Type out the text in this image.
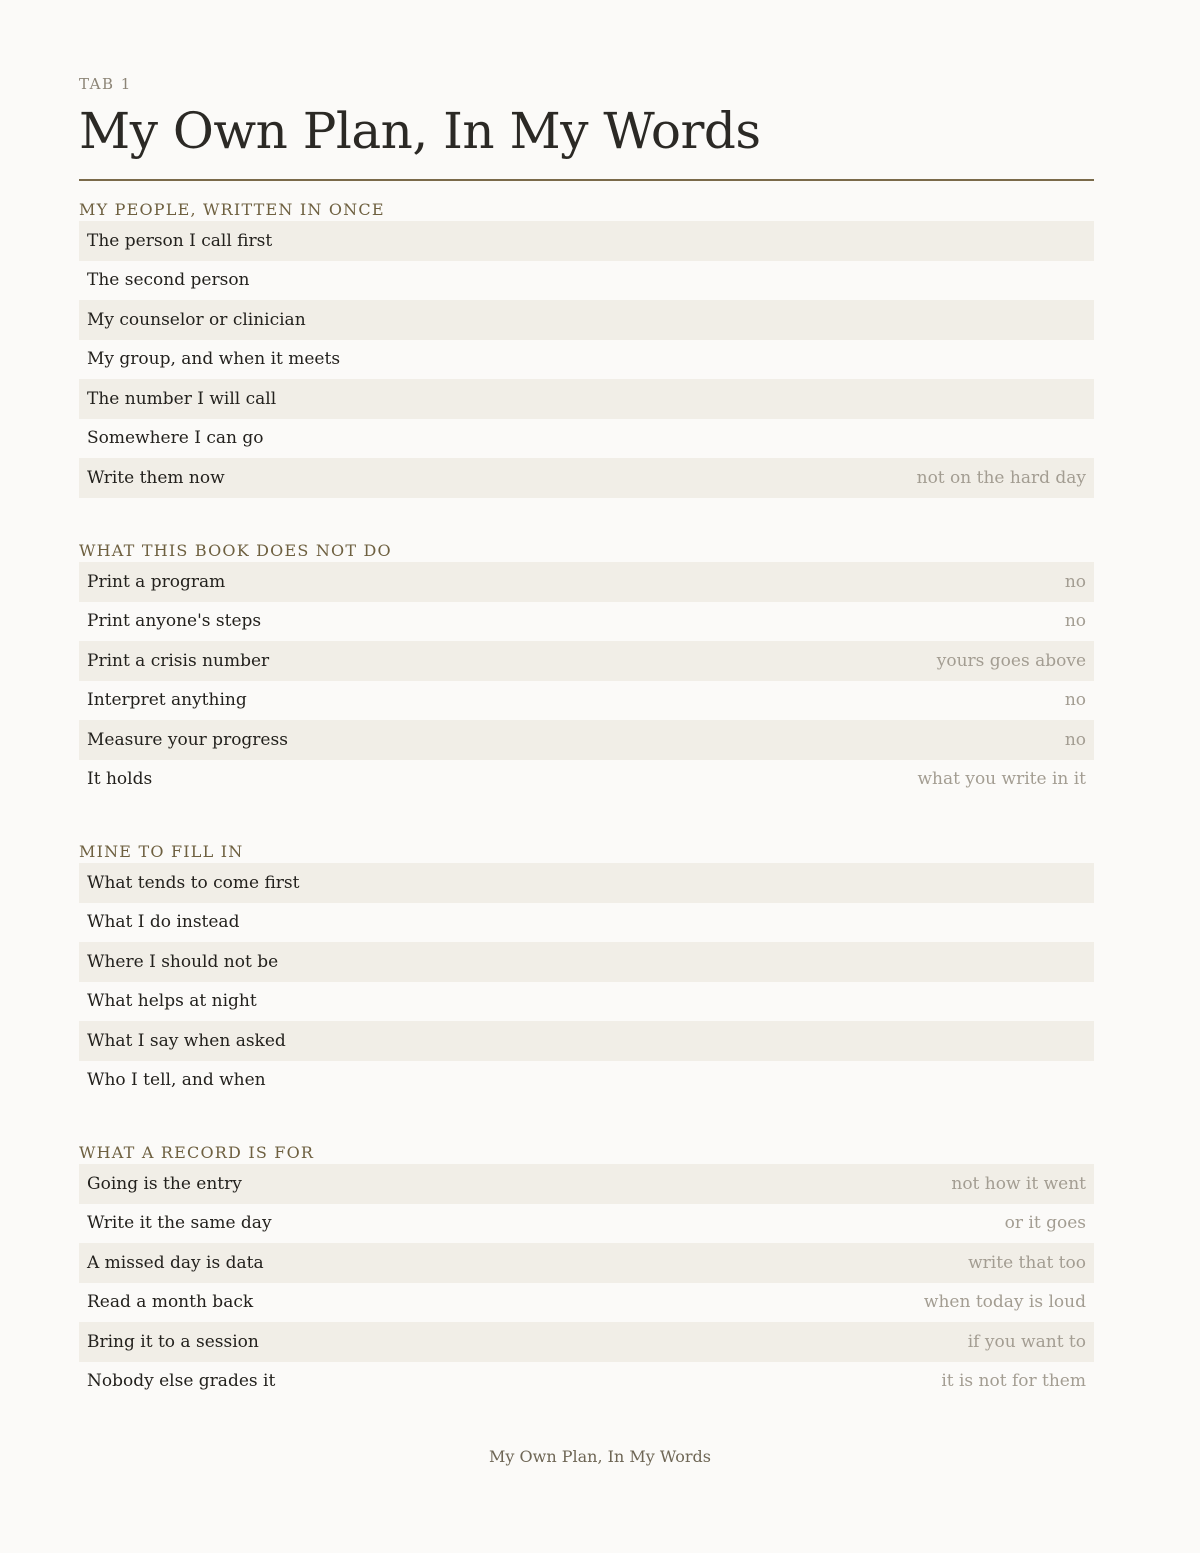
TAB 1
My Own Plan, In My Words
MY PEOPLE, WRITTEN IN ONCE
The person I call first
The second person
My counselor or clinician
My group, and when it meets
The number I will call
Somewhere I can go
Write them now	not on the hard day
WHAT THIS BOOK DOES NOT DO
Print a program	no
Print anyone's steps	no
Print a crisis number	yours goes above
Interpret anything	no
Measure your progress	no
It holds	what you write in it
MINE TO FILL IN
What tends to come first
What I do instead
Where I should not be
What helps at night
What I say when asked
Who I tell, and when
WHAT A RECORD IS FOR
Going is the entry	not how it went
Write it the same day	or it goes
A missed day is data	write that too
Read a month back	when today is loud
Bring it to a session	if you want to
Nobody else grades it	it is not for them
My Own Plan, In My Words
